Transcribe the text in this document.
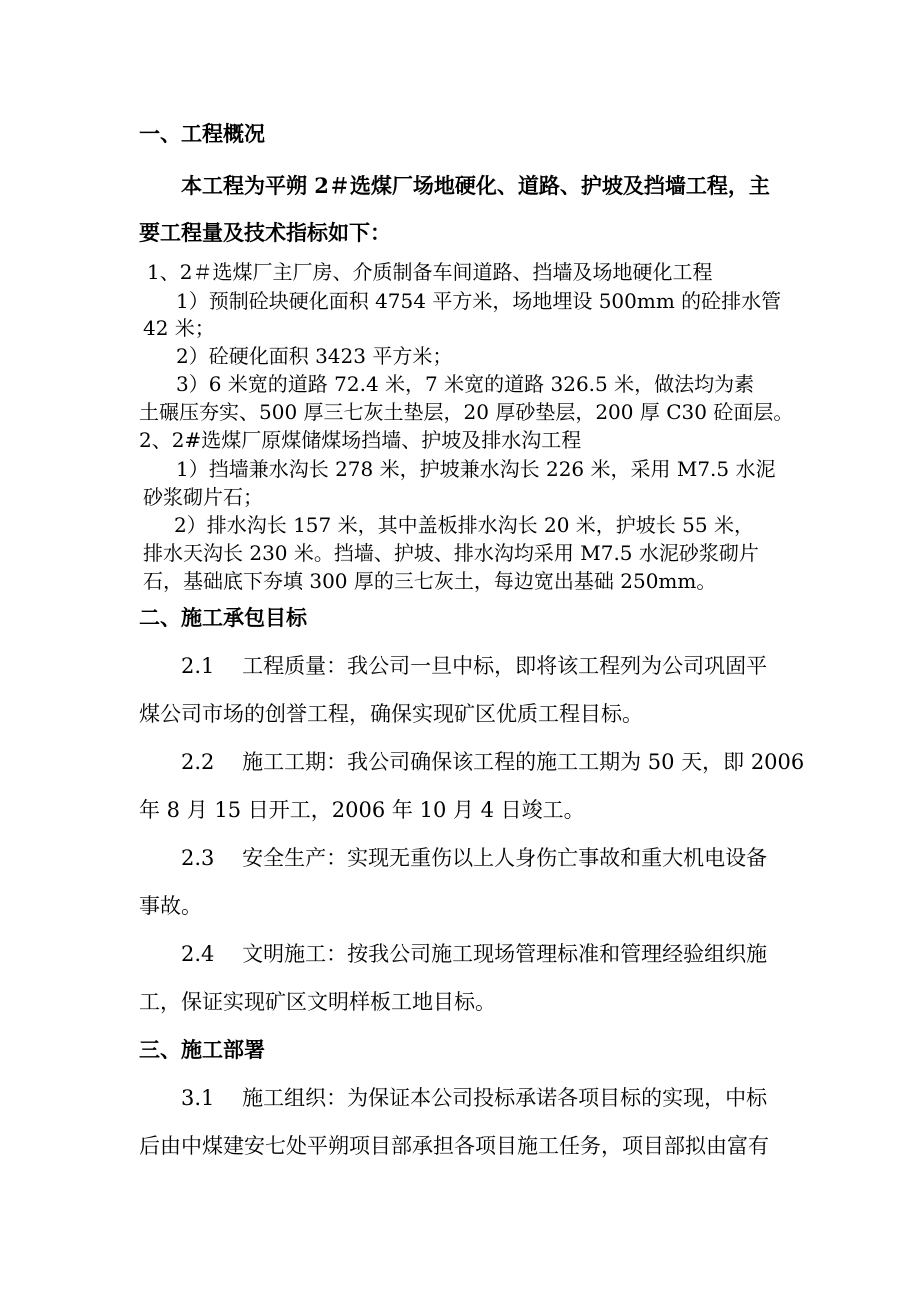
一、工程概况
本工程为平朔 2＃选煤厂场地硬化、道路、护坡及挡墙工程，主
要工程量及技术指标如下：
1、2＃选煤厂主厂房、介质制备车间道路、挡墙及场地硬化工程
1）预制砼块硬化面积 4754 平方米，场地埋设 500mm 的砼排水管
42 米；
2）砼硬化面积 3423 平方米；
3）6 米宽的道路 72.4 米，7 米宽的道路 326.5 米，做法均为素
土碾压夯实、500 厚三七灰土垫层，20 厚砂垫层，200 厚 C30 砼面层。
2、2#选煤厂原煤储煤场挡墙、护坡及排水沟工程
1）挡墙兼水沟长 278 米，护坡兼水沟长 226 米，采用 M7.5 水泥
砂浆砌片石；
2）排水沟长 157 米，其中盖板排水沟长 20 米，护坡长 55 米，
排水天沟长 230 米。挡墙、护坡、排水沟均采用 M7.5 水泥砂浆砌片
石，基础底下夯填 300 厚的三七灰土，每边宽出基础 250mm。
二、施工承包目标
2.1　 工程质量：我公司一旦中标，即将该工程列为公司巩固平
煤公司市场的创誉工程，确保实现矿区优质工程目标。
2.2　 施工工期：我公司确保该工程的施工工期为 50 天，即 2006
年 8 月 15 日开工，2006 年 10 月 4 日竣工。
2.3　 安全生产：实现无重伤以上人身伤亡事故和重大机电设备
事故。
2.4　 文明施工：按我公司施工现场管理标准和管理经验组织施
工，保证实现矿区文明样板工地目标。
三、施工部署
3.1　 施工组织：为保证本公司投标承诺各项目标的实现，中标
后由中煤建安七处平朔项目部承担各项目施工任务，项目部拟由富有
